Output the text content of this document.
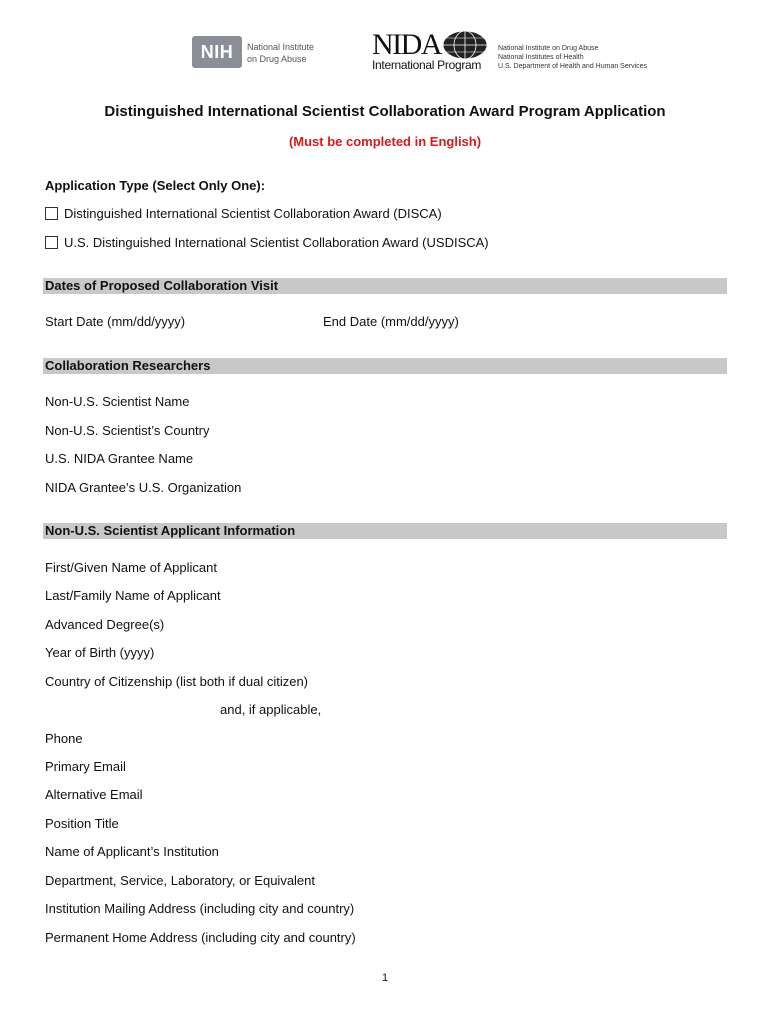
NIH National Institute
on Drug Abuse NIDA
International Program
National Institute on Drug Abuse
National Institutes of Health
U.S. Department of Health and Human Services
Distinguished International Scientist Collaboration Award Program Application
(Must be completed in English)
Application Type (Select Only One):
Distinguished International Scientist Collaboration Award (DISCA)
U.S. Distinguished International Scientist Collaboration Award (USDISCA)
Dates of Proposed Collaboration Visit
Start Date (mm/dd/yyyy)	End Date (mm/dd/yyyy)
Collaboration Researchers
Non-U.S. Scientist Name
Non-U.S. Scientist’s Country
U.S. NIDA Grantee Name
NIDA Grantee’s U.S. Organization
Non-U.S. Scientist Applicant Information
First/Given Name of Applicant
Last/Family Name of Applicant
Advanced Degree(s)
Year of Birth (yyyy)
Country of Citizenship (list both if dual citizen)
and, if applicable,
Phone
Primary Email
Alternative Email
Position Title
Name of Applicant’s Institution
Department, Service, Laboratory, or Equivalent
Institution Mailing Address (including city and country)
Permanent Home Address (including city and country)
1
